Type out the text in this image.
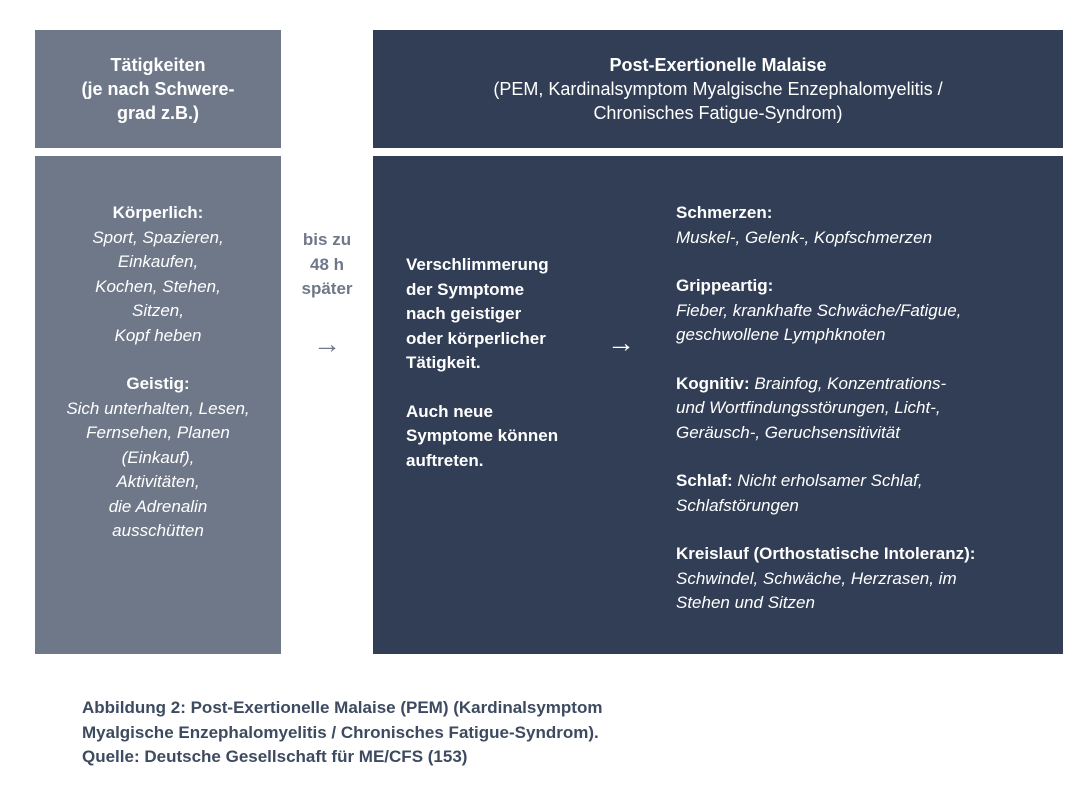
Tätigkeiten
(je nach Schwere-
grad z.B.)
Post-Exertionelle Malaise
(PEM, Kardinalsymptom Myalgische Enzephalomyelitis /
Chronisches Fatigue-Syndrom)
Körperlich:
Sport, Spazieren,
Einkaufen,
Kochen, Stehen,
Sitzen,
Kopf heben
Geistig:
Sich unterhalten, Lesen,
Fernsehen, Planen
(Einkauf),
Aktivitäten,
die Adrenalin
ausschütten
bis zu
48 h
später
→
Verschlimmerung
der Symptome
nach geistiger
oder körperlicher
Tätigkeit.
Auch neue
Symptome können
auftreten.
→
Schmerzen:
Muskel-, Gelenk-, Kopfschmerzen
Grippeartig:
Fieber, krankhafte Schwäche/Fatigue,
geschwollene Lymphknoten
Kognitiv: Brainfog, Konzentrations-
und Wortfindungsstörungen, Licht-,
Geräusch-, Geruchsensitivität
Schlaf: Nicht erholsamer Schlaf,
Schlafstörungen
Kreislauf (Orthostatische Intoleranz):
Schwindel, Schwäche, Herzrasen, im
Stehen und Sitzen
Abbildung 2: Post-Exertionelle Malaise (PEM) (Kardinalsymptom
Myalgische Enzephalomyelitis / Chronisches Fatigue-Syndrom).
Quelle: Deutsche Gesellschaft für ME/CFS (153)
